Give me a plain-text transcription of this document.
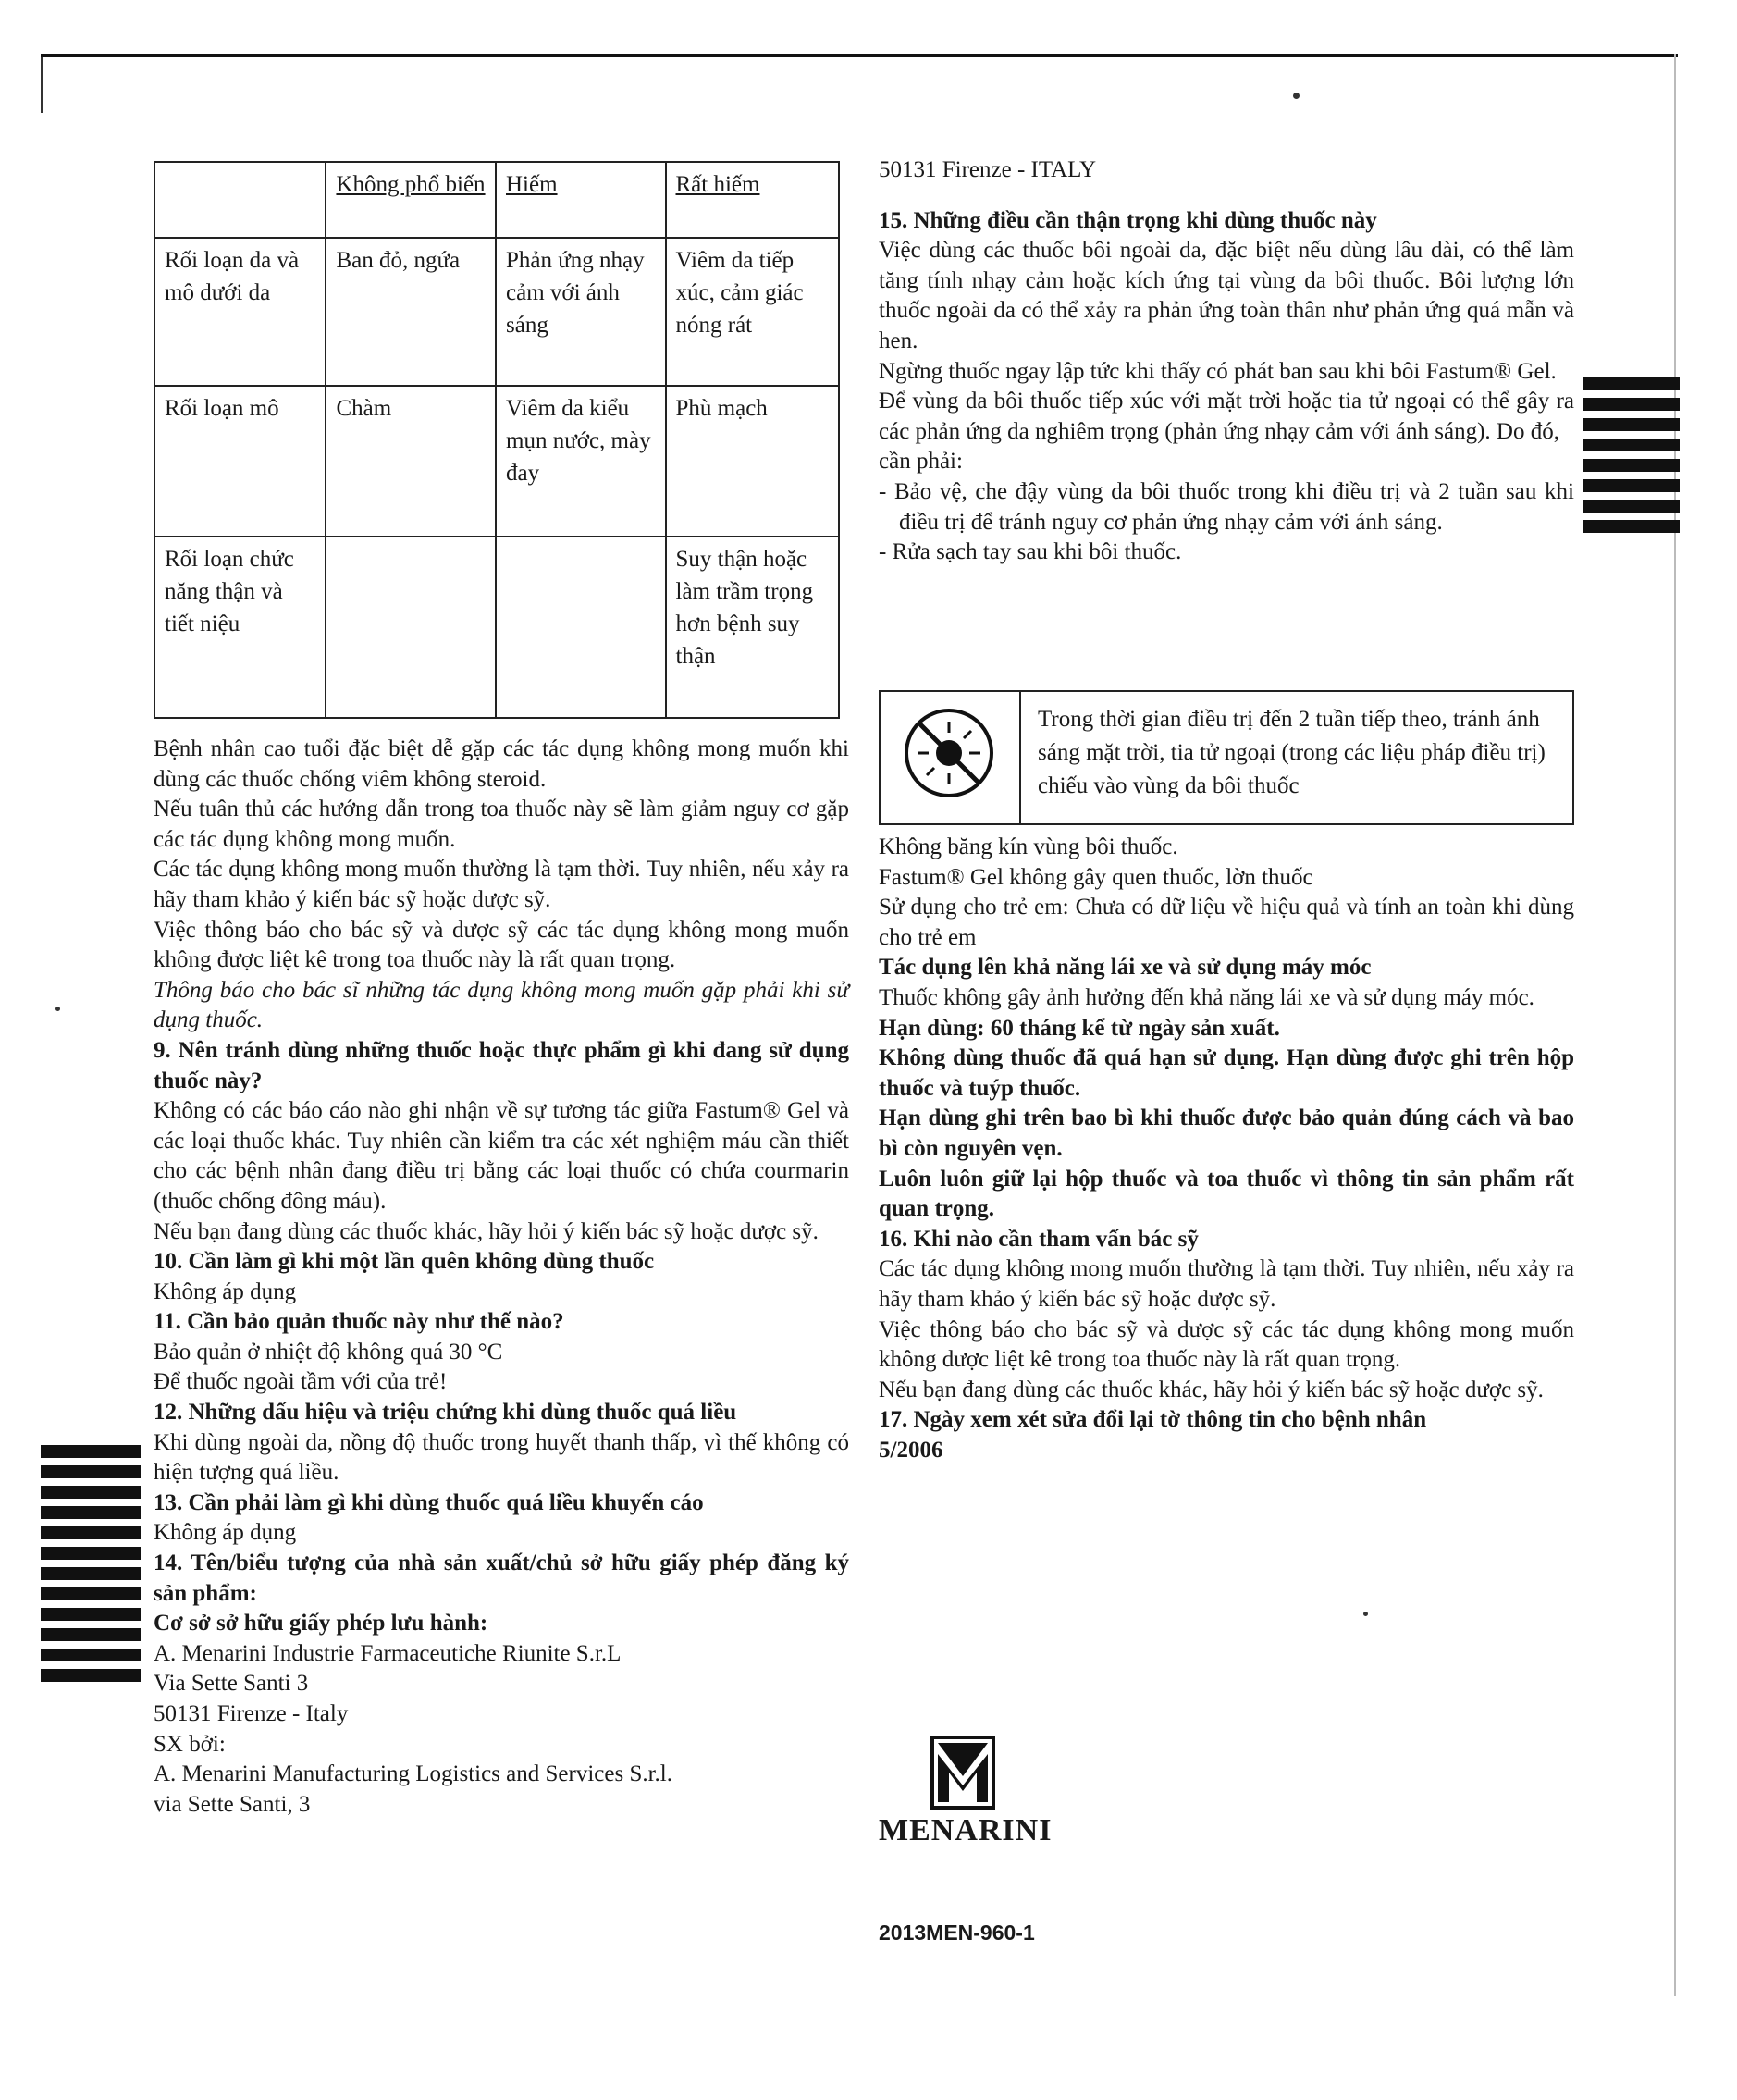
	Không phổ biến	Hiếm	Rất hiếm
Rối loạn da và mô dưới da	Ban đỏ, ngứa	Phản ứng nhạy cảm với ánh sáng	Viêm da tiếp xúc, cảm giác nóng rát
Rối loạn mô	Chàm	Viêm da kiểu mụn nước, mày đay	Phù mạch
Rối loạn chức năng thận và tiết niệu			Suy thận hoặc làm trầm trọng hơn bệnh suy thận

Bệnh nhân cao tuổi đặc biệt dễ gặp các tác dụng không mong muốn khi dùng các thuốc chống viêm không steroid.

Nếu tuân thủ các hướng dẫn trong toa thuốc này sẽ làm giảm nguy cơ gặp các tác dụng không mong muốn.

Các tác dụng không mong muốn thường là tạm thời. Tuy nhiên, nếu xảy ra hãy tham khảo ý kiến bác sỹ hoặc dược sỹ.

Việc thông báo cho bác sỹ và dược sỹ các tác dụng không mong muốn không được liệt kê trong toa thuốc này là rất quan trọng.

Thông báo cho bác sĩ những tác dụng không mong muốn gặp phải khi sử dụng thuốc.

9. Nên tránh dùng những thuốc hoặc thực phẩm gì khi đang sử dụng thuốc này?

Không có các báo cáo nào ghi nhận về sự tương tác giữa Fastum® Gel và các loại thuốc khác. Tuy nhiên cần kiểm tra các xét nghiệm máu cần thiết cho các bệnh nhân đang điều trị bằng các loại thuốc có chứa courmarin (thuốc chống đông máu).

Nếu bạn đang dùng các thuốc khác, hãy hỏi ý kiến bác sỹ hoặc dược sỹ.

10. Cần làm gì khi một lần quên không dùng thuốc

Không áp dụng

11. Cần bảo quản thuốc này như thế nào?

Bảo quản ở nhiệt độ không quá 30 °C

Để thuốc ngoài tầm với của trẻ!

12. Những dấu hiệu và triệu chứng khi dùng thuốc quá liều

Khi dùng ngoài da, nồng độ thuốc trong huyết thanh thấp, vì thế không có hiện tượng quá liều.

13. Cần phải làm gì khi dùng thuốc quá liều khuyến cáo

Không áp dụng

14. Tên/biểu tượng của nhà sản xuất/chủ sở hữu giấy phép đăng ký sản phẩm:

Cơ sở sở hữu giấy phép lưu hành:

A. Menarini Industrie Farmaceutiche Riunite S.r.L

Via Sette Santi 3

50131 Firenze - Italy

SX bởi:

A. Menarini Manufacturing Logistics and Services S.r.l.

via Sette Santi, 3

50131 Firenze - ITALY

15. Những điều cần thận trọng khi dùng thuốc này

Việc dùng các thuốc bôi ngoài da, đặc biệt nếu dùng lâu dài, có thể làm tăng tính nhạy cảm hoặc kích ứng tại vùng da bôi thuốc. Bôi lượng lớn thuốc ngoài da có thể xảy ra phản ứng toàn thân như phản ứng quá mẫn và hen.

Ngừng thuốc ngay lập tức khi thấy có phát ban sau khi bôi Fastum® Gel.

Để vùng da bôi thuốc tiếp xúc với mặt trời hoặc tia tử ngoại có thể gây ra các phản ứng da nghiêm trọng (phản ứng nhạy cảm với ánh sáng). Do đó,

cần phải:

- Bảo vệ, che đậy vùng da bôi thuốc trong khi điều trị và 2 tuần sau khi điều trị để tránh nguy cơ phản ứng nhạy cảm với ánh sáng.

- Rửa sạch tay sau khi bôi thuốc.

Trong thời gian điều trị đến 2 tuần tiếp theo, tránh ánh sáng mặt trời, tia tử ngoại (trong các liệu pháp điều trị) chiếu vào vùng da bôi thuốc

Không băng kín vùng bôi thuốc.

Fastum® Gel không gây quen thuốc, lờn thuốc

Sử dụng cho trẻ em: Chưa có dữ liệu về hiệu quả và tính an toàn khi dùng cho trẻ em

Tác dụng lên khả năng lái xe và sử dụng máy móc

Thuốc không gây ảnh hưởng đến khả năng lái xe và sử dụng máy móc.

Hạn dùng: 60 tháng kể từ ngày sản xuất.

Không dùng thuốc đã quá hạn sử dụng. Hạn dùng được ghi trên hộp thuốc và tuýp thuốc.

Hạn dùng ghi trên bao bì khi thuốc được bảo quản đúng cách và bao bì còn nguyên vẹn.

Luôn luôn giữ lại hộp thuốc và toa thuốc vì thông tin sản phẩm rất quan trọng.

16. Khi nào cần tham vấn bác sỹ

Các tác dụng không mong muốn thường là tạm thời. Tuy nhiên, nếu xảy ra hãy tham khảo ý kiến bác sỹ hoặc dược sỹ.

Việc thông báo cho bác sỹ và dược sỹ các tác dụng không mong muốn không được liệt kê trong toa thuốc này là rất quan trọng.

Nếu bạn đang dùng các thuốc khác, hãy hỏi ý kiến bác sỹ hoặc dược sỹ.

17. Ngày xem xét sửa đổi lại tờ thông tin cho bệnh nhân

5/2006

MENARINI
2013MEN-960-1
